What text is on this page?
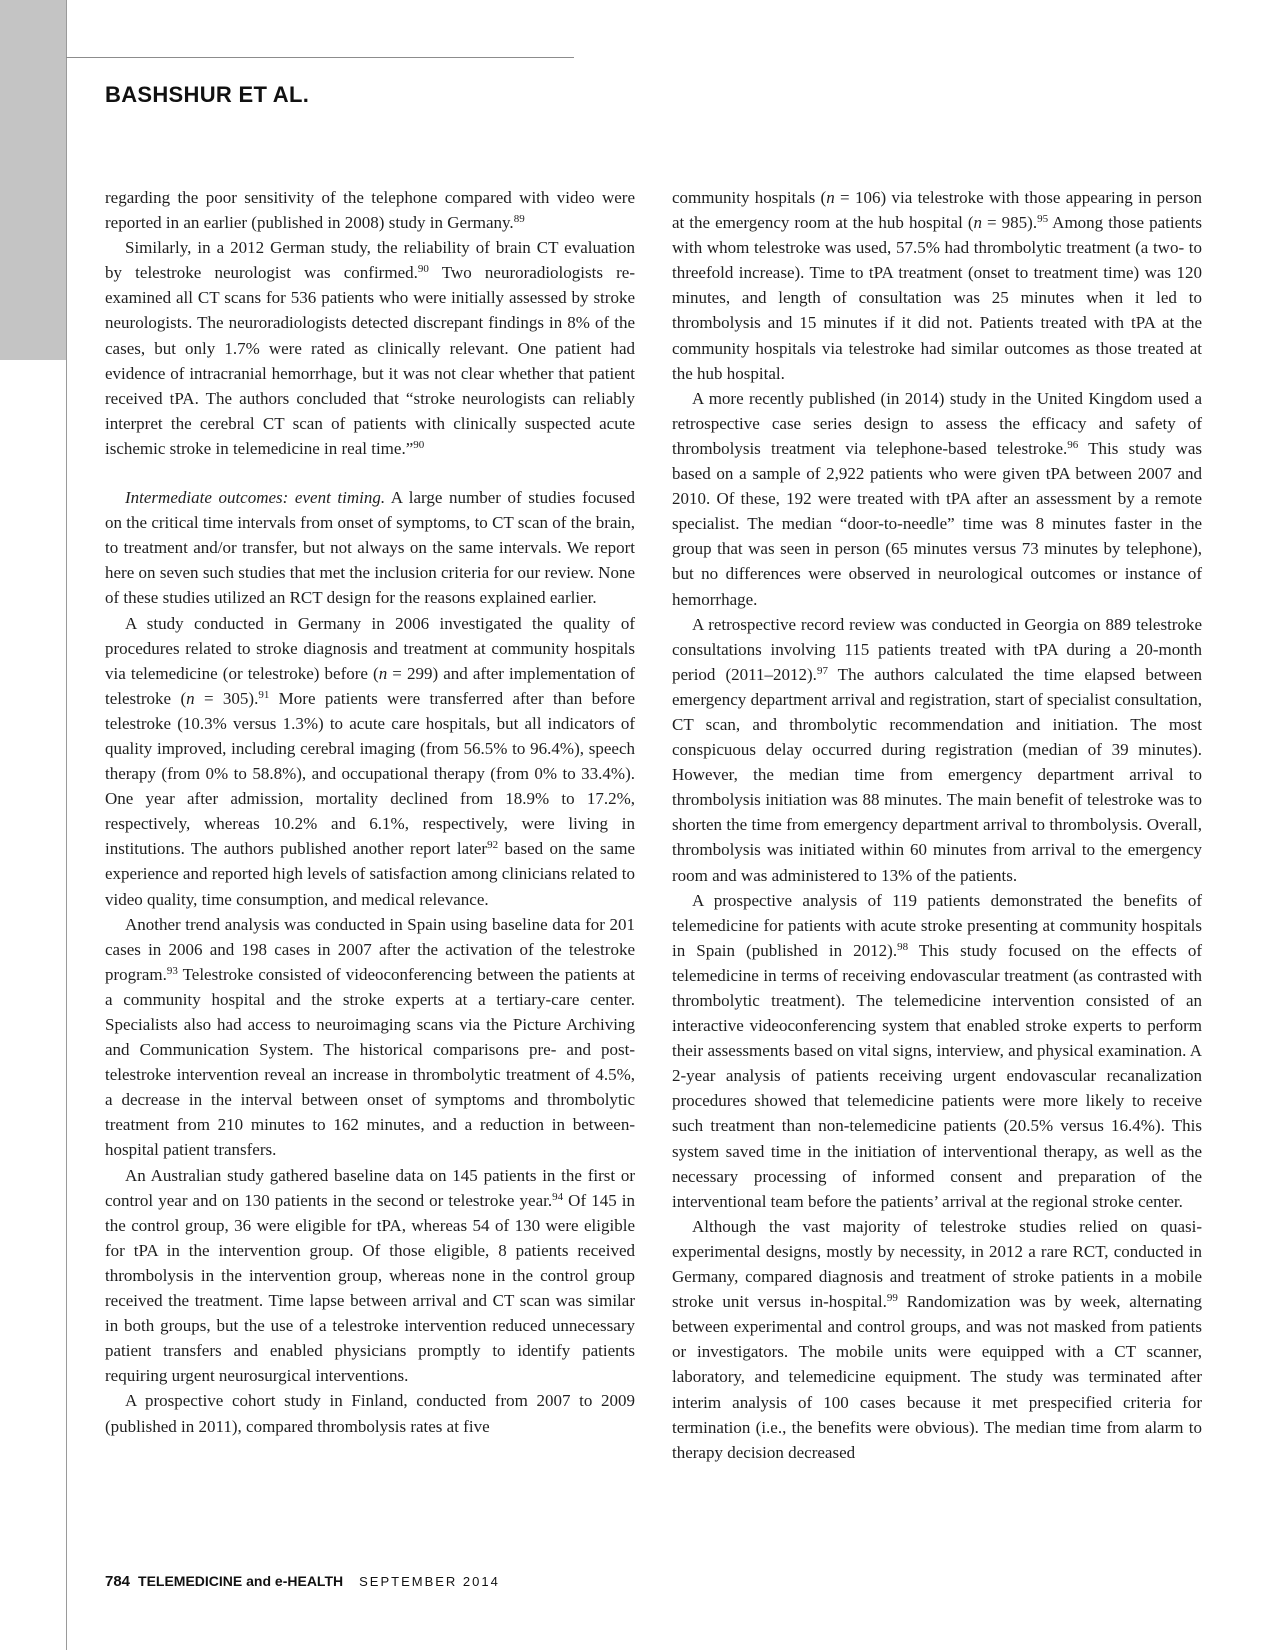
BASHSHUR ET AL.

regarding the poor sensitivity of the telephone compared with video were reported in an earlier (published in 2008) study in Germany.$^{89}$

Similarly, in a 2012 German study, the reliability of brain CT evaluation by telestroke neurologist was confirmed.$^{90}$ Two neuroradiologists re-examined all CT scans for 536 patients who were initially assessed by stroke neurologists. The neuroradiologists detected discrepant findings in 8% of the cases, but only 1.7% were rated as clinically relevant. One patient had evidence of intracranial hemorrhage, but it was not clear whether that patient received tPA. The authors concluded that “stroke neurologists can reliably interpret the cerebral CT scan of patients with clinically suspected acute ischemic stroke in telemedicine in real time.”$^{90}$

Intermediate outcomes: event timing. A large number of studies focused on the critical time intervals from onset of symptoms, to CT scan of the brain, to treatment and/or transfer, but not always on the same intervals. We report here on seven such studies that met the inclusion criteria for our review. None of these studies utilized an RCT design for the reasons explained earlier.

A study conducted in Germany in 2006 investigated the quality of procedures related to stroke diagnosis and treatment at community hospitals via telemedicine (or telestroke) before (n = 299) and after implementation of telestroke (n = 305).$^{91}$ More patients were transferred after than before telestroke (10.3% versus 1.3%) to acute care hospitals, but all indicators of quality improved, including cerebral imaging (from 56.5% to 96.4%), speech therapy (from 0% to 58.8%), and occupational therapy (from 0% to 33.4%). One year after admission, mortality declined from 18.9% to 17.2%, respectively, whereas 10.2% and 6.1%, respectively, were living in institutions. The authors published another report later$^{92}$ based on the same experience and reported high levels of satisfaction among clinicians related to video quality, time consumption, and medical relevance.

Another trend analysis was conducted in Spain using baseline data for 201 cases in 2006 and 198 cases in 2007 after the activation of the telestroke program.$^{93}$ Telestroke consisted of videoconferencing between the patients at a community hospital and the stroke experts at a tertiary-care center. Specialists also had access to neuroimaging scans via the Picture Archiving and Communication System. The historical comparisons pre- and post-telestroke intervention reveal an increase in thrombolytic treatment of 4.5%, a decrease in the interval between onset of symptoms and thrombolytic treatment from 210 minutes to 162 minutes, and a reduction in between-hospital patient transfers.

An Australian study gathered baseline data on 145 patients in the first or control year and on 130 patients in the second or telestroke year.$^{94}$ Of 145 in the control group, 36 were eligible for tPA, whereas 54 of 130 were eligible for tPA in the intervention group. Of those eligible, 8 patients received thrombolysis in the intervention group, whereas none in the control group received the treatment. Time lapse between arrival and CT scan was similar in both groups, but the use of a telestroke intervention reduced unnecessary patient transfers and enabled physicians promptly to identify patients requiring urgent neurosurgical interventions.

A prospective cohort study in Finland, conducted from 2007 to 2009 (published in 2011), compared thrombolysis rates at five

community hospitals (n = 106) via telestroke with those appearing in person at the emergency room at the hub hospital (n = 985).$^{95}$ Among those patients with whom telestroke was used, 57.5% had thrombolytic treatment (a two- to threefold increase). Time to tPA treatment (onset to treatment time) was 120 minutes, and length of consultation was 25 minutes when it led to thrombolysis and 15 minutes if it did not. Patients treated with tPA at the community hospitals via telestroke had similar outcomes as those treated at the hub hospital.

A more recently published (in 2014) study in the United Kingdom used a retrospective case series design to assess the efficacy and safety of thrombolysis treatment via telephone-based telestroke.$^{96}$ This study was based on a sample of 2,922 patients who were given tPA between 2007 and 2010. Of these, 192 were treated with tPA after an assessment by a remote specialist. The median “door-to-needle” time was 8 minutes faster in the group that was seen in person (65 minutes versus 73 minutes by telephone), but no differences were observed in neurological outcomes or instance of hemorrhage.

A retrospective record review was conducted in Georgia on 889 telestroke consultations involving 115 patients treated with tPA during a 20-month period (2011–2012).$^{97}$ The authors calculated the time elapsed between emergency department arrival and registration, start of specialist consultation, CT scan, and thrombolytic recommendation and initiation. The most conspicuous delay occurred during registration (median of 39 minutes). However, the median time from emergency department arrival to thrombolysis initiation was 88 minutes. The main benefit of telestroke was to shorten the time from emergency department arrival to thrombolysis. Overall, thrombolysis was initiated within 60 minutes from arrival to the emergency room and was administered to 13% of the patients.

A prospective analysis of 119 patients demonstrated the benefits of telemedicine for patients with acute stroke presenting at community hospitals in Spain (published in 2012).$^{98}$ This study focused on the effects of telemedicine in terms of receiving endovascular treatment (as contrasted with thrombolytic treatment). The telemedicine intervention consisted of an interactive videoconferencing system that enabled stroke experts to perform their assessments based on vital signs, interview, and physical examination. A 2-year analysis of patients receiving urgent endovascular recanalization procedures showed that telemedicine patients were more likely to receive such treatment than non-telemedicine patients (20.5% versus 16.4%). This system saved time in the initiation of interventional therapy, as well as the necessary processing of informed consent and preparation of the interventional team before the patients’ arrival at the regional stroke center.

Although the vast majority of telestroke studies relied on quasi-experimental designs, mostly by necessity, in 2012 a rare RCT, conducted in Germany, compared diagnosis and treatment of stroke patients in a mobile stroke unit versus in-hospital.$^{99}$ Randomization was by week, alternating between experimental and control groups, and was not masked from patients or investigators. The mobile units were equipped with a CT scanner, laboratory, and telemedicine equipment. The study was terminated after interim analysis of 100 cases because it met prespecified criteria for termination (i.e., the benefits were obvious). The median time from alarm to therapy decision decreased

784 TELEMEDICINE and e-HEALTH SEPTEMBER 2014
